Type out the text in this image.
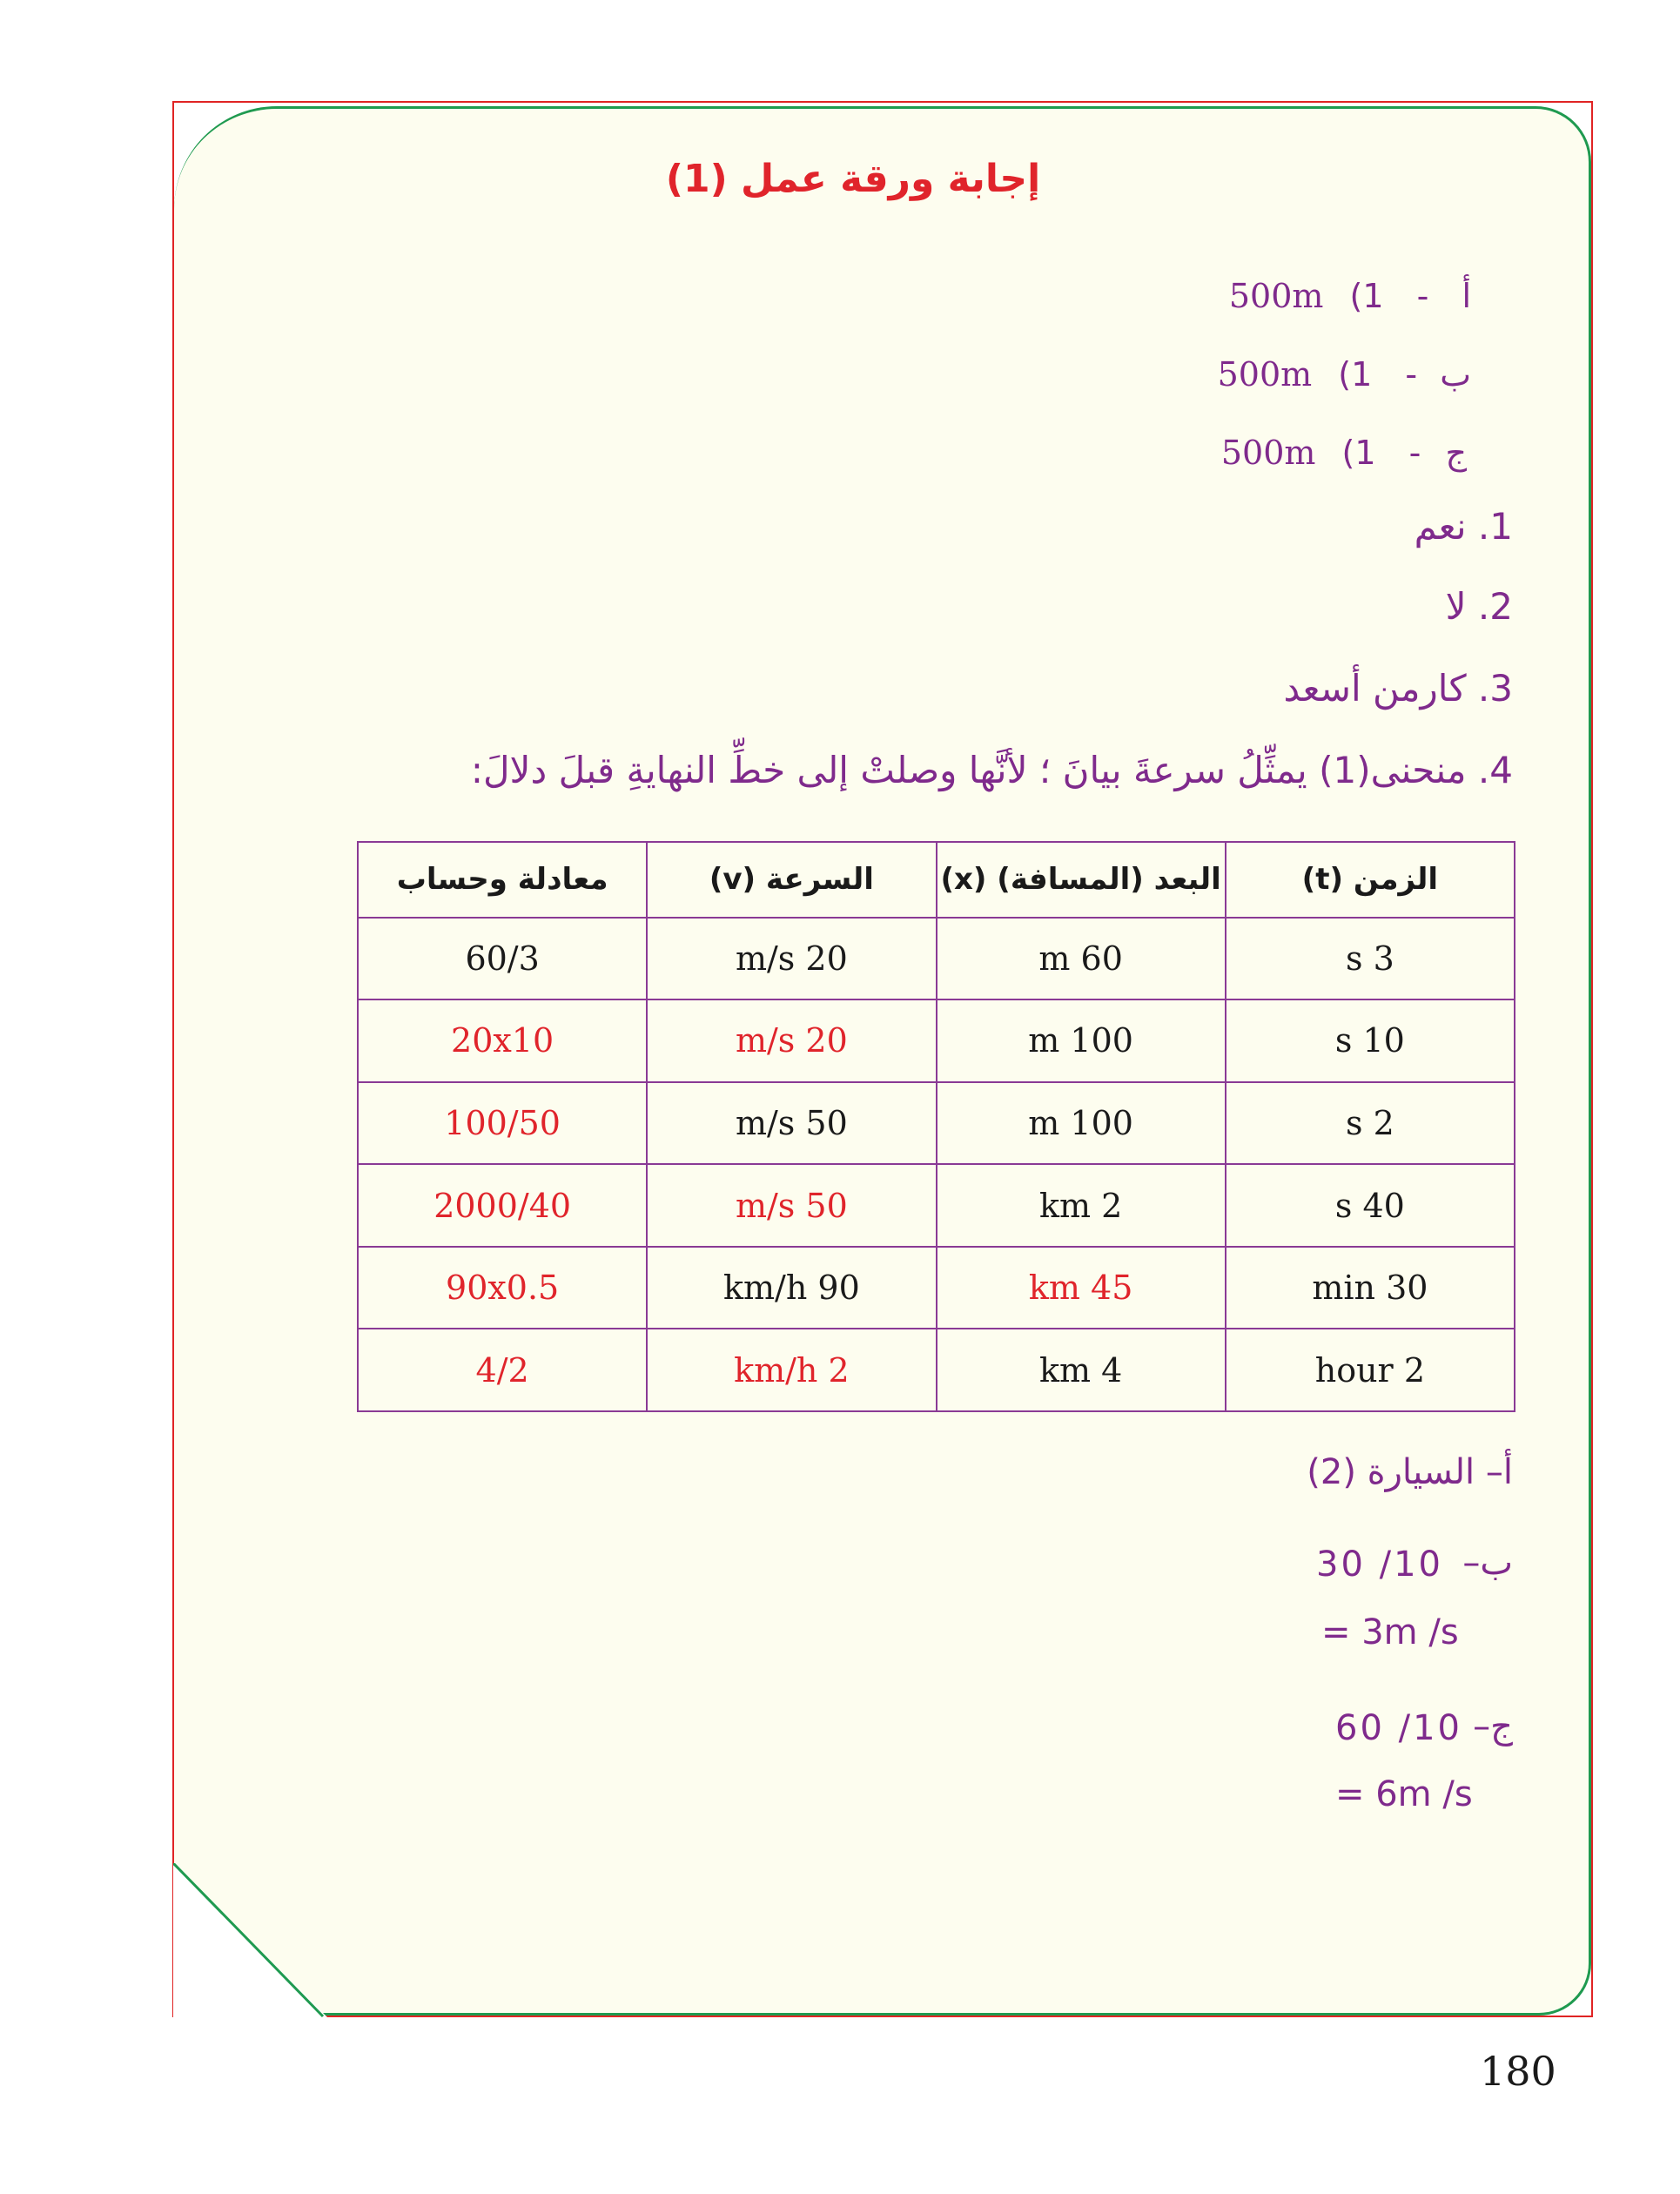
إجابة ورقة عمل (1)
أ - 1) 500m
ب - 1) 500m
ج - 1) 500m
1. نعم
2. لا
3. كارمن أسعد
4. منحنى(1) يمثِّلُ سرعةَ بيانَ ؛ لأنَّها وصلتْ إلى خطِّ النهايةِ قبلَ دلالَ:
الزمن (t)	البعد (المسافة) (x)	السرعة (v)	معادلة وحساب
3 s	60 m	20 m/s	60/3
10 s	100 m	20 m/s	20x10
2 s	100 m	50 m/s	100/50
40 s	2 km	50 m/s	2000/40
30 min	45 km	90 km/h	90x0.5
2 hour	4 km	2 km/h	4/2
أ– السيارة (2)
ب–
30 /10
= 3m /s
ج–
60 /10
= 6m /s
180
